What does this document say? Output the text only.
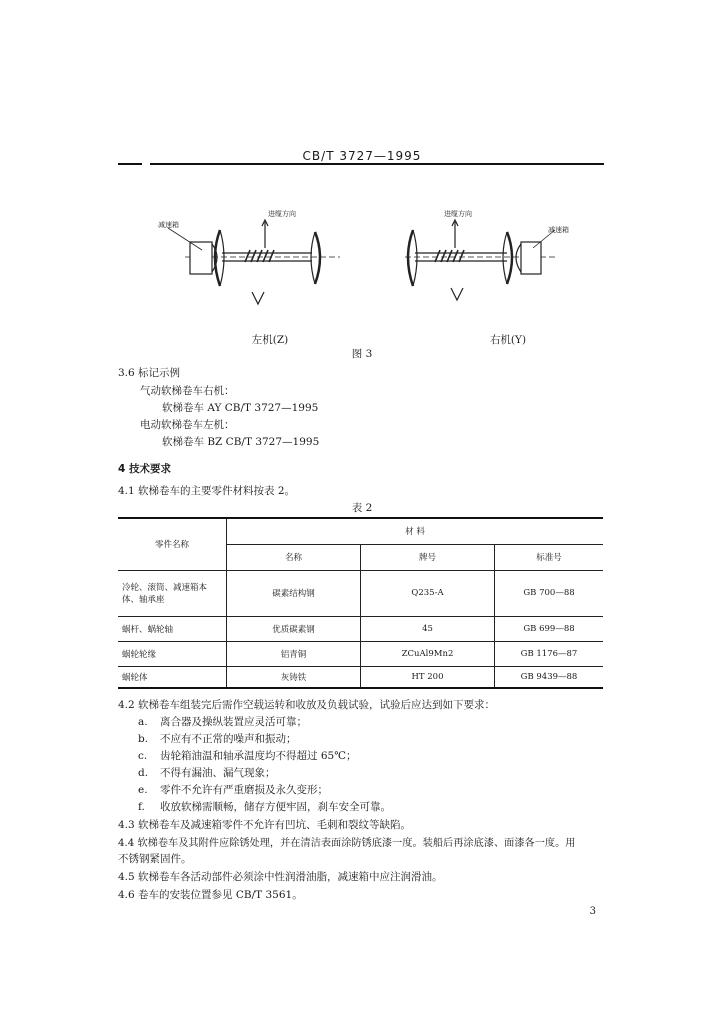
CB/T 3727—1995
减速箱
进缆方向
左机(Z)
进缆方向
减速箱
右机(Y)
图 3
3.6 标记示例
气动软梯卷车右机：
软梯卷车 AY CB/T 3727—1995
电动软梯卷车左机：
软梯卷车 BZ CB/T 3727—1995
4 技术要求
4.1 软梯卷车的主要零件材料按表 2。
表 2
零件名称	材 料		
	名称	牌号	标准号
冷轮、滚筒、减速箱本体、轴承座	碳素结构钢	Q235-A	GB 700—88
蜗杆、蜗轮轴	优质碳素钢	45	GB 699—88
蜗轮轮缘	铝青铜	ZCuAl9Mn2	GB 1176—87
蜗轮体	灰铸铁	HT 200	GB 9439—88
4.2 软梯卷车组装完后需作空载运转和收放及负载试验，试验后应达到如下要求：
a. 离合器及操纵装置应灵活可靠；
b. 不应有不正常的噪声和振动；
c. 齿轮箱油温和轴承温度均不得超过 65℃；
d. 不得有漏油、漏气现象；
e. 零件不允许有严重磨损及永久变形；
f. 收放软梯需顺畅，储存方便牢固，刹车安全可靠。
4.3 软梯卷车及减速箱零件不允许有凹坑、毛刺和裂纹等缺陷。
4.4 软梯卷车及其附件应除锈处理，并在清洁表面涂防锈底漆一度。装船后再涂底漆、面漆各一度。用
不锈钢紧固件。
4.5 软梯卷车各活动部件必须涂中性润滑油脂，减速箱中应注润滑油。
4.6 卷车的安装位置参见 CB/T 3561。
3
